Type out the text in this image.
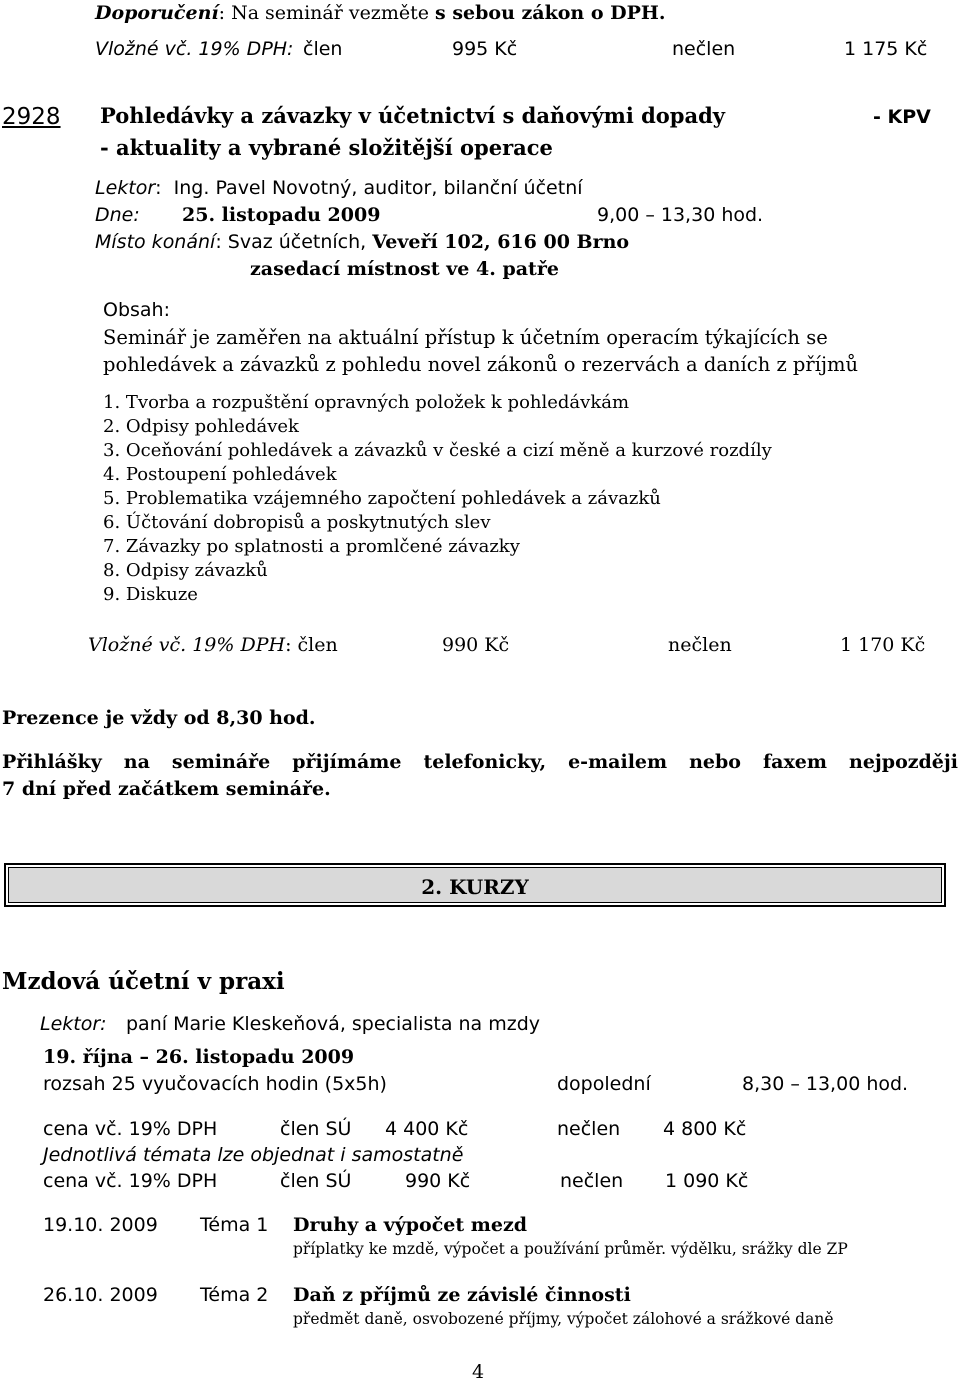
Doporučení: Na seminář vezměte s sebou zákon o DPH.
Vložné vč. 19% DPH: člen	995 Kč	nečlen	1 175 Kč
2928 Pohledávky a závazky v účetnictví s daňovými dopady	- KPV
- aktuality a vybrané složitější operace
Lektor:  Ing. Pavel Novotný, auditor, bilanční účetní
Dne: 25. listopadu 2009	9,00 – 13,30 hod.
Místo konání: Svaz účetních, Veveří 102, 616 00 Brno
zasedací místnost ve 4. patře
Obsah:
Seminář je zaměřen na aktuální přístup k účetním operacím týkajících se
pohledávek a závazků z pohledu novel zákonů o rezervách a daních z příjmů
1. Tvorba a rozpuštění opravných položek k pohledávkám
2. Odpisy pohledávek
3. Oceňování pohledávek a závazků v české a cizí měně a kurzové rozdíly
4. Postoupení pohledávek
5. Problematika vzájemného započtení pohledávek a závazků
6. Účtování dobropisů a poskytnutých slev
7. Závazky po splatnosti a promlčené závazky
8. Odpisy závazků
9. Diskuze
Vložné vč. 19% DPH: člen	990 Kč	nečlen	1 170 Kč
Prezence je vždy od 8,30 hod.
Přihlášky na semináře přijímáme telefonicky, e-mailem nebo faxem nejpozději
7 dní před začátkem semináře.
2. KURZY
Mzdová účetní v praxi
Lektor: paní Marie Kleskeňová, specialista na mzdy
19. října – 26. listopadu 2009
rozsah 25 vyučovacích hodin (5x5h)	dopolední	8,30 – 13,00 hod.
cena vč. 19% DPH	člen SÚ 4 400 Kč	nečlen 4 800 Kč
Jednotlivá témata lze objednat i samostatně
cena vč. 19% DPH	člen SÚ	990 Kč	nečlen 1 090 Kč
19.10. 2009 Téma 1 Druhy a výpočet mezd
příplatky ke mzdě, výpočet a používání průměr. výdělku, srážky dle ZP
26.10. 2009 Téma 2 Daň z příjmů ze závislé činnosti
předmět daně, osvobozené příjmy, výpočet zálohové a srážkové daně
4
